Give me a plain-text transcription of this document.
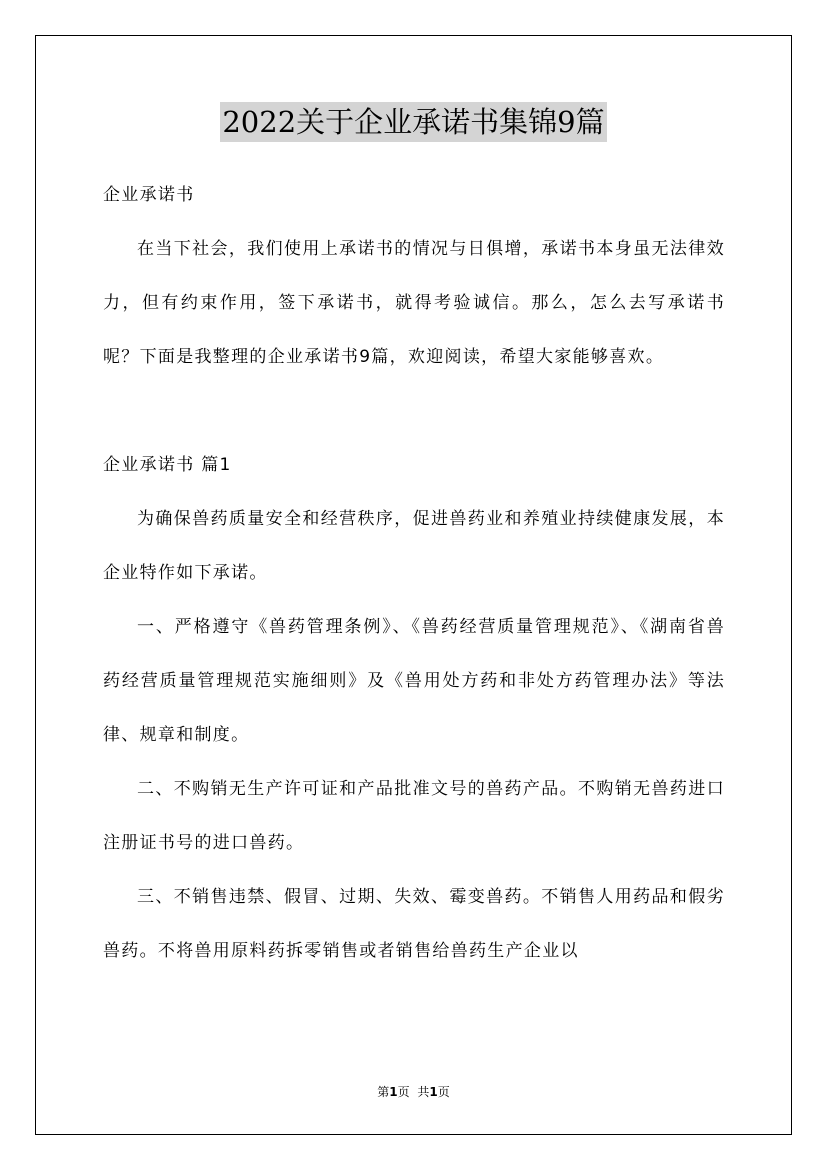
2022关于企业承诺书集锦9篇

企业承诺书

在当下社会，我们使用上承诺书的情况与日俱增，承诺书本身虽无法律效力，但有约束作用，签下承诺书，就得考验诚信。那么，怎么去写承诺书呢？下面是我整理的企业承诺书9篇，欢迎阅读，希望大家能够喜欢。

企业承诺书 篇1

为确保兽药质量安全和经营秩序，促进兽药业和养殖业持续健康发展，本企业特作如下承诺。

一、严格遵守《兽药管理条例》、《兽药经营质量管理规范》、《湖南省兽药经营质量管理规范实施细则》及《兽用处方药和非处方药管理办法》等法律、规章和制度。

二、不购销无生产许可证和产品批准文号的兽药产品。不购销无兽药进口注册证书号的进口兽药。

三、不销售违禁、假冒、过期、失效、霉变兽药。不销售人用药品和假劣兽药。不将兽用原料药拆零销售或者销售给兽药生产企业以

第1页 共1页
